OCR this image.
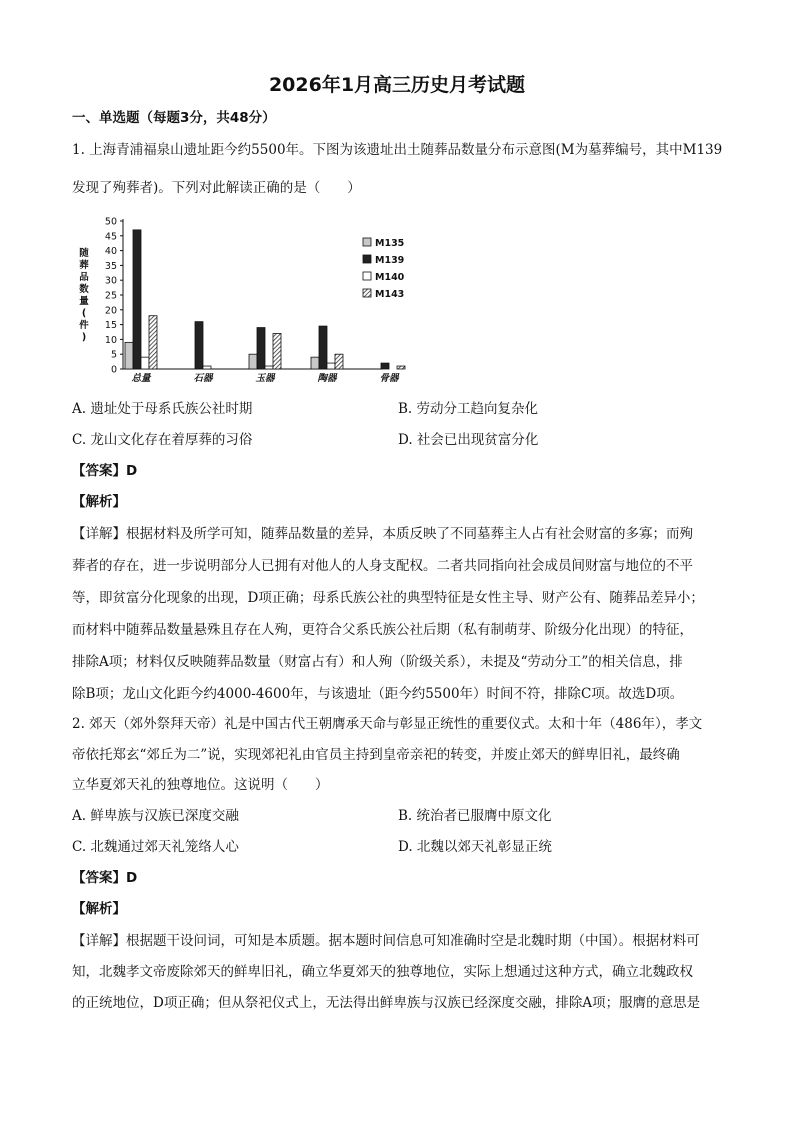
2026年1月高三历史月考试题
一、单选题（每题3分，共48分）
1. 上海青浦福泉山遗址距今约5500年。下图为该遗址出土随葬品数量分布示意图(M为墓葬编号，其中M139
发现了殉葬者)。下列对此解读正确的是（　　）
随葬品数量(件)
0
5
10
15
20
25
30
35
40
45
50
总量	石器	玉器	陶器	骨器
M135
M139
M140
M143
A. 遗址处于母系氏族公社时期	B. 劳动分工趋向复杂化
C. 龙山文化存在着厚葬的习俗	D. 社会已出现贫富分化
【答案】D
【解析】
【详解】根据材料及所学可知，随葬品数量的差异，本质反映了不同墓葬主人占有社会财富的多寡；而殉
葬者的存在，进一步说明部分人已拥有对他人的人身支配权。二者共同指向社会成员间财富与地位的不平
等，即贫富分化现象的出现，D项正确；母系氏族公社的典型特征是女性主导、财产公有、随葬品差异小；
而材料中随葬品数量悬殊且存在人殉，更符合父系氏族公社后期（私有制萌芽、阶级分化出现）的特征，
排除A项；材料仅反映随葬品数量（财富占有）和人殉（阶级关系），未提及“劳动分工”的相关信息，排
除B项；龙山文化距今约4000-4600年，与该遗址（距今约5500年）时间不符，排除C项。故选D项。
2. 郊天（郊外祭拜天帝）礼是中国古代王朝膺承天命与彰显正统性的重要仪式。太和十年（486年），孝文
帝依托郑玄“郊丘为二”说，实现郊祀礼由官员主持到皇帝亲祀的转变，并废止郊天的鲜卑旧礼，最终确
立华夏郊天礼的独尊地位。这说明（　　）
A. 鲜卑族与汉族已深度交融	B. 统治者已服膺中原文化
C. 北魏通过郊天礼笼络人心	D. 北魏以郊天礼彰显正统
【答案】D
【解析】
【详解】根据题干设问词，可知是本质题。据本题时间信息可知准确时空是北魏时期（中国）。根据材料可
知，北魏孝文帝废除郊天的鲜卑旧礼，确立华夏郊天的独尊地位，实际上想通过这种方式，确立北魏政权
的正统地位，D项正确；但从祭祀仪式上，无法得出鲜卑族与汉族已经深度交融，排除A项；服膺的意思是
